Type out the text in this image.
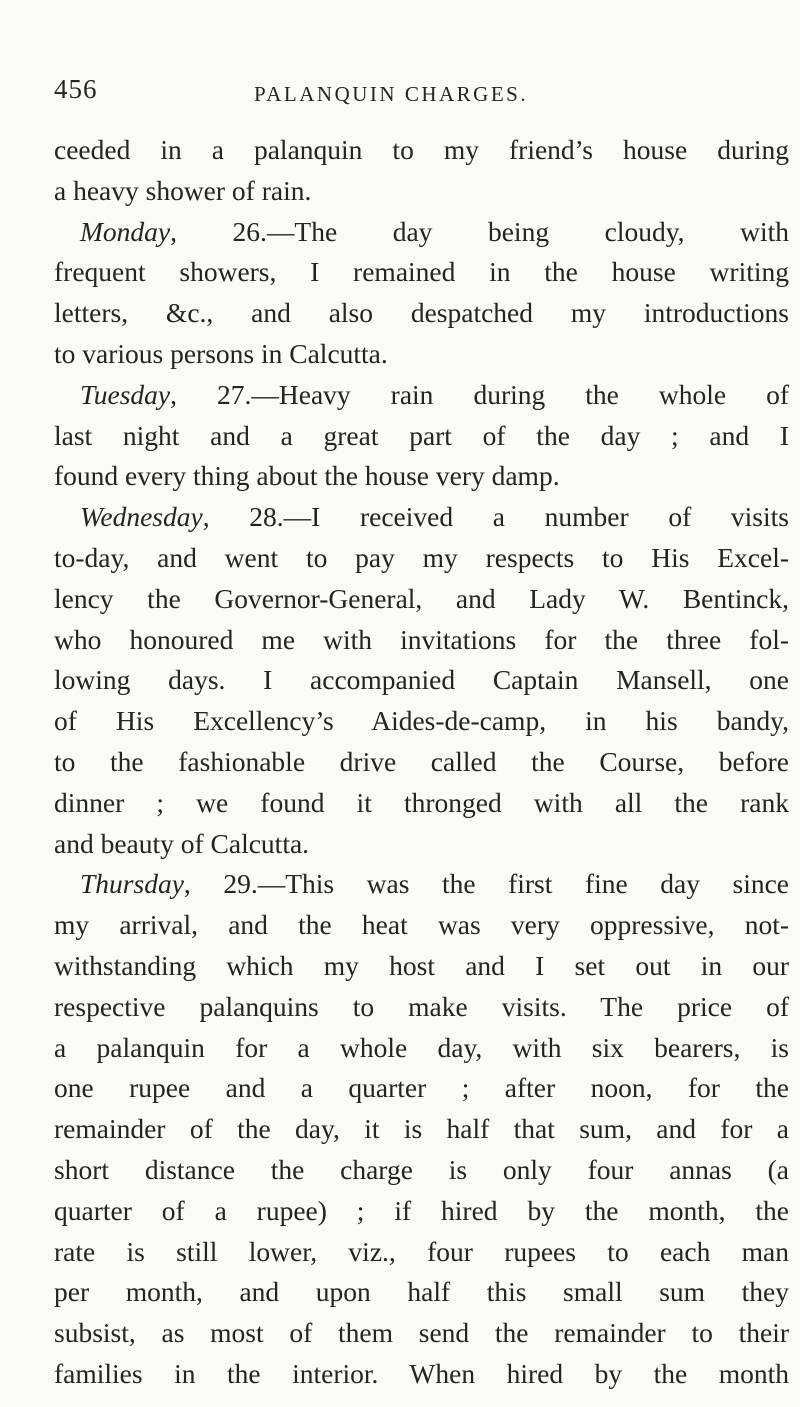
456	PALANQUIN CHARGES.
ceeded in a palanquin to my friend’s house during
a heavy shower of rain.
Monday, 26.—The day being cloudy, with
frequent showers, I remained in the house writing
letters, &c., and also despatched my introductions
to various persons in Calcutta.
Tuesday, 27.—Heavy rain during the whole of
last night and a great part of the day ; and I
found every thing about the house very damp.
Wednesday, 28.—I received a number of visits
to-day, and went to pay my respects to His Excel-
lency the Governor-General, and Lady W. Bentinck,
who honoured me with invitations for the three fol-
lowing days. I accompanied Captain Mansell, one
of His Excellency’s Aides-de-camp, in his bandy,
to the fashionable drive called the Course, before
dinner ; we found it thronged with all the rank
and beauty of Calcutta.
Thursday, 29.—This was the first fine day since
my arrival, and the heat was very oppressive, not-
withstanding which my host and I set out in our
respective palanquins to make visits. The price of
a palanquin for a whole day, with six bearers, is
one rupee and a quarter ; after noon, for the
remainder of the day, it is half that sum, and for a
short distance the charge is only four annas (a
quarter of a rupee) ; if hired by the month, the
rate is still lower, viz., four rupees to each man
per month, and upon half this small sum they
subsist, as most of them send the remainder to their
families in the interior. When hired by the month
